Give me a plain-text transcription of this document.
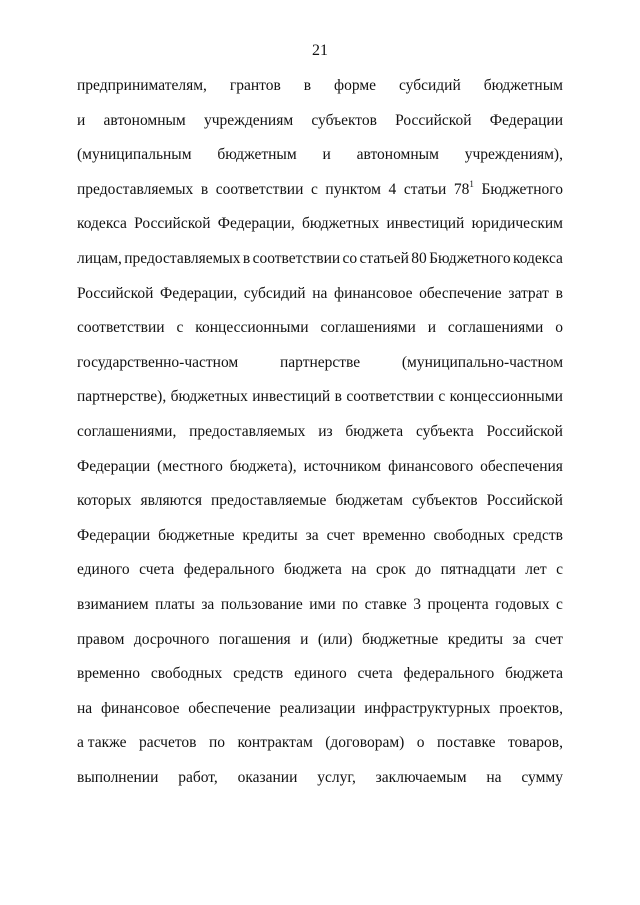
21
предпринимателям, грантов в форме субсидий бюджетным
и автономным учреждениям субъектов Российской Федерации
(муниципальным бюджетным и автономным учреждениям),
предоставляемых в соответствии с пунктом 4 статьи $78^1$ Бюджетного
кодекса Российской Федерации, бюджетных инвестиций юридическим
лицам, предоставляемых в соответствии со статьей 80 Бюджетного кодекса
Российской Федерации, субсидий на финансовое обеспечение затрат в
соответствии с концессионными соглашениями и соглашениями о
государственно-частном	партнерстве	(муниципально-частном
партнерстве), бюджетных инвестиций в соответствии с концессионными
соглашениями, предоставляемых из бюджета субъекта Российской
Федерации (местного бюджета), источником финансового обеспечения
которых являются предоставляемые бюджетам субъектов Российской
Федерации бюджетные кредиты за счет временно свободных средств
единого счета федерального бюджета на срок до пятнадцати лет с
взиманием платы за пользование ими по ставке 3 процента годовых с
правом досрочного погашения и (или) бюджетные кредиты за счет
временно свободных средств единого счета федерального бюджета
на финансовое обеспечение реализации инфраструктурных проектов,
а также расчетов по контрактам (договорам) о поставке товаров,
выполнении работ, оказании услуг, заключаемым на сумму
